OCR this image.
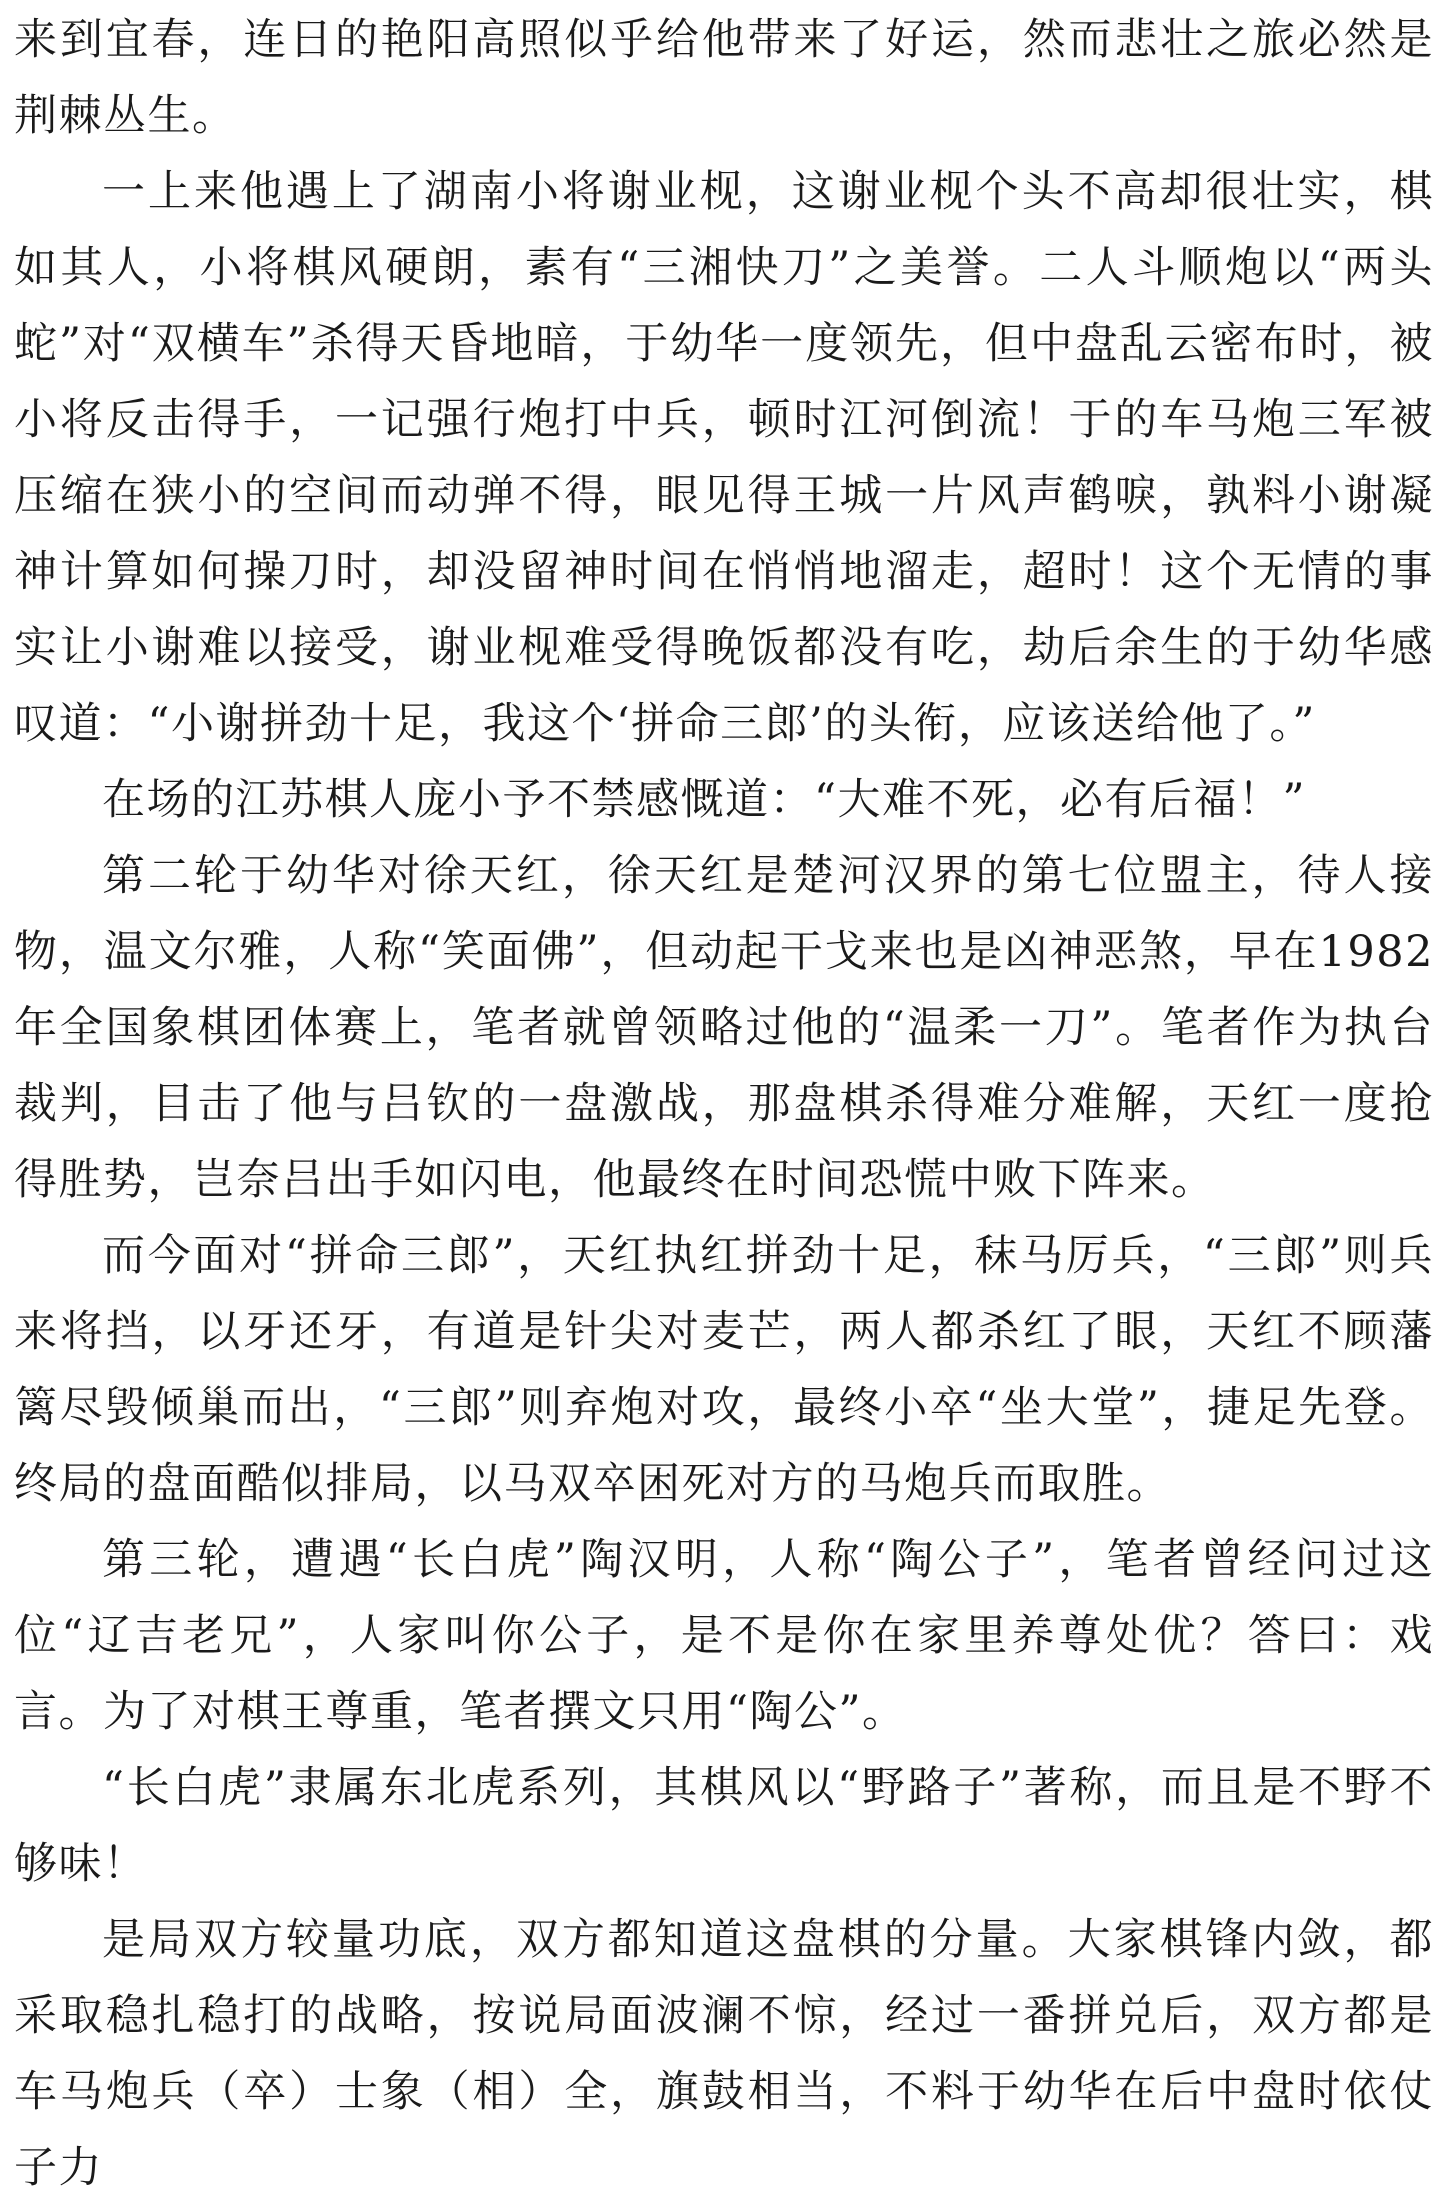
来到宜春，连日的艳阳高照似乎给他带来了好运，然而悲壮之旅必然是荆棘丛生。

一上来他遇上了湖南小将谢业枧，这谢业枧个头不高却很壮实，棋如其人，小将棋风硬朗，素有“三湘快刀”之美誉。二人斗顺炮以“两头蛇”对“双横车”杀得天昏地暗，于幼华一度领先，但中盘乱云密布时，被小将反击得手，一记强行炮打中兵，顿时江河倒流！于的车马炮三军被压缩在狭小的空间而动弹不得，眼见得王城一片风声鹤唳，孰料小谢凝神计算如何操刀时，却没留神时间在悄悄地溜走，超时！这个无情的事实让小谢难以接受，谢业枧难受得晚饭都没有吃，劫后余生的于幼华感叹道：“小谢拼劲十足，我这个‘拼命三郎’的头衔，应该送给他了。”

在场的江苏棋人庞小予不禁感慨道：“大难不死，必有后福！”

第二轮于幼华对徐天红，徐天红是楚河汉界的第七位盟主，待人接物，温文尔雅，人称“笑面佛”，但动起干戈来也是凶神恶煞，早在1982年全国象棋团体赛上，笔者就曾领略过他的“温柔一刀”。笔者作为执台裁判，目击了他与吕钦的一盘激战，那盘棋杀得难分难解，天红一度抢得胜势，岂奈吕出手如闪电，他最终在时间恐慌中败下阵来。

而今面对“拼命三郎”，天红执红拼劲十足，秣马厉兵，“三郎”则兵来将挡，以牙还牙，有道是针尖对麦芒，两人都杀红了眼，天红不顾藩篱尽毁倾巢而出，“三郎”则弃炮对攻，最终小卒“坐大堂”，捷足先登。终局的盘面酷似排局，以马双卒困死对方的马炮兵而取胜。

第三轮，遭遇“长白虎”陶汉明，人称“陶公子”，笔者曾经问过这位“辽吉老兄”，人家叫你公子，是不是你在家里养尊处优？答曰：戏言。为了对棋王尊重，笔者撰文只用“陶公”。

“长白虎”隶属东北虎系列，其棋风以“野路子”著称，而且是不野不够味！

是局双方较量功底，双方都知道这盘棋的分量。大家棋锋内敛，都采取稳扎稳打的战略，按说局面波澜不惊，经过一番拼兑后，双方都是车马炮兵（卒）士象（相）全，旗鼓相当，不料于幼华在后中盘时依仗子力
